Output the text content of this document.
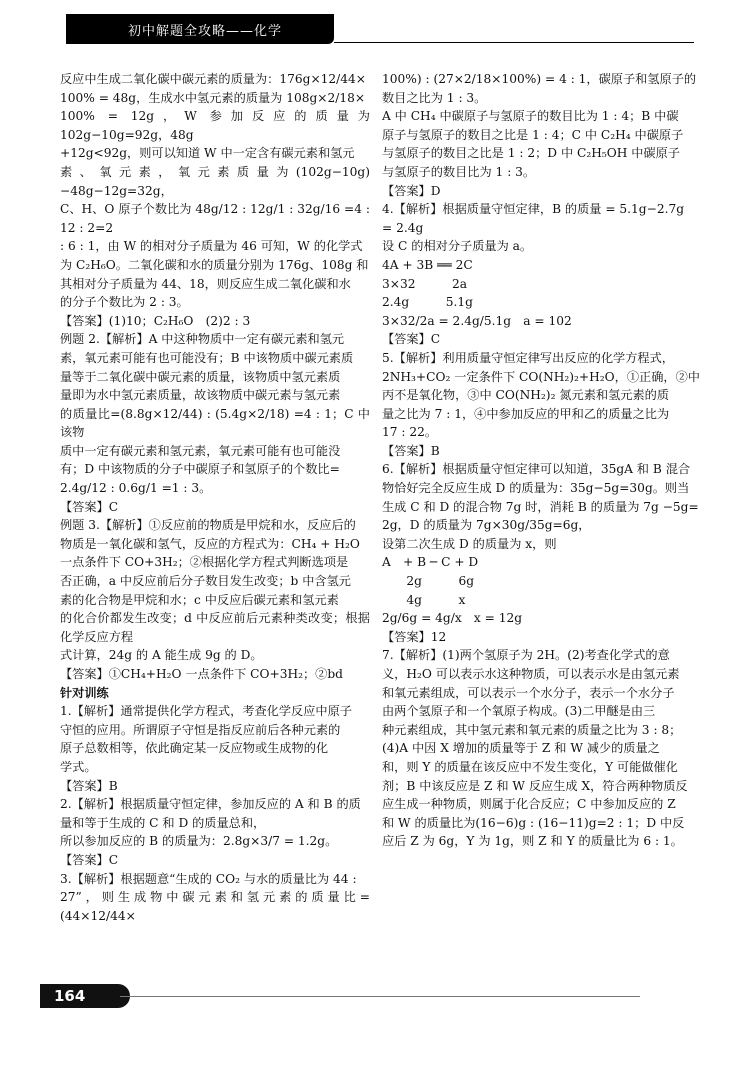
初中解题全攻略——化学

反应中生成二氧化碳中碳元素的质量为：176g×12/44×

100% = 48g，生成水中氢元素的质量为 108g×2/18×

100% = 12g，W 参加反应的质量为 102g−10g=92g，48g

+12g<92g，则可以知道 W 中一定含有碳元素和氢元

素、氧元素，氧元素质量为(102g−10g)−48g−12g=32g，

C、H、O 原子个数比为 48g/12 : 12g/1 : 32g/16 =4 : 12 : 2=2

: 6 : 1，由 W 的相对分子质量为 46 可知，W 的化学式

为 C₂H₆O。二氧化碳和水的质量分别为 176g、108g 和

其相对分子质量为 44、18，则反应生成二氧化碳和水

的分子个数比为 2 : 3。

【答案】(1)10；C₂H₆O　(2)2 : 3

例题 2.【解析】A 中这种物质中一定有碳元素和氢元

素，氧元素可能有也可能没有；B 中该物质中碳元素质

量等于二氧化碳中碳元素的质量，该物质中氢元素质

量即为水中氢元素质量，故该物质中碳元素与氢元素

的质量比=(8.8g×12/44) : (5.4g×2/18) =4 : 1；C 中该物

质中一定有碳元素和氢元素，氧元素可能有也可能没

有；D 中该物质的分子中碳原子和氢原子的个数比=

2.4g/12 : 0.6g/1 =1 : 3。

【答案】C

例题 3.【解析】①反应前的物质是甲烷和水，反应后的

物质是一氧化碳和氢气，反应的方程式为：CH₄ + H₂O

一点条件下 CO+3H₂；②根据化学方程式判断选项是

否正确，a 中反应前后分子数目发生改变；b 中含氢元

素的化合物是甲烷和水；c 中反应后碳元素和氢元素

的化合价都发生改变；d 中反应前后元素种类改变；根据化学反应方程

式计算，24g 的 A 能生成 9g 的 D。

【答案】①CH₄+H₂O 一点条件下 CO+3H₂；②bd

针对训练

1.【解析】通常提供化学方程式，考查化学反应中原子

守恒的应用。所谓原子守恒是指反应前后各种元素的

原子总数相等，依此确定某一反应物或生成物的化

学式。

【答案】B

2.【解析】根据质量守恒定律，参加反应的 A 和 B 的质

量和等于生成的 C 和 D 的质量总和，

所以参加反应的 B 的质量为：2.8g×3/7 = 1.2g。

【答案】C

3.【解析】根据题意“生成的 CO₂ 与水的质量比为 44 :

27”，则生成物中碳元素和氢元素的质量比=(44×12/44×

100%) : (27×2/18×100%) = 4 : 1，碳原子和氢原子的

数目之比为 1 : 3。

A 中 CH₄ 中碳原子与氢原子的数目比为 1 : 4；B 中碳

原子与氢原子的数目之比是 1 : 4；C 中 C₂H₄ 中碳原子

与氢原子的数目之比是 1 : 2；D 中 C₂H₅OH 中碳原子

与氢原子的数目比为 1 : 3。

【答案】D

4.【解析】根据质量守恒定律，B 的质量 = 5.1g−2.7g

= 2.4g

设 C 的相对分子质量为 a。

4A + 3B ══ 2C

3×32　　　2a

2.4g　　　5.1g

3×32/2a = 2.4g/5.1g　a = 102

【答案】C

5.【解析】利用质量守恒定律写出反应的化学方程式，

2NH₃+CO₂ 一定条件下 CO(NH₂)₂+H₂O，①正确，②中

丙不是氧化物，③中 CO(NH₂)₂ 氮元素和氢元素的质

量之比为 7 : 1，④中参加反应的甲和乙的质量之比为

17 : 22。

【答案】B

6.【解析】根据质量守恒定律可以知道，35gA 和 B 混合

物恰好完全反应生成 D 的质量为：35g−5g=30g。则当

生成 C 和 D 的混合物 7g 时，消耗 B 的质量为 7g −5g=

2g，D 的质量为 7g×30g/35g=6g，

设第二次生成 D 的质量为 x，则

A　+ B ─ C + D

　　2g　　　6g

　　4g　　　x

2g/6g = 4g/x　x = 12g

【答案】12

7.【解析】(1)两个氢原子为 2H。(2)考查化学式的意

义，H₂O 可以表示水这种物质，可以表示水是由氢元素

和氧元素组成，可以表示一个水分子，表示一个水分子

由两个氢原子和一个氧原子构成。(3)二甲醚是由三

种元素组成，其中氢元素和氧元素的质量之比为 3 : 8；

(4)A 中因 X 增加的质量等于 Z 和 W 减少的质量之

和，则 Y 的质量在该反应中不发生变化，Y 可能做催化

剂；B 中该反应是 Z 和 W 反应生成 X，符合两种物质反

应生成一种物质，则属于化合反应；C 中参加反应的 Z

和 W 的质量比为(16−6)g : (16−11)g=2 : 1；D 中反

应后 Z 为 6g，Y 为 1g，则 Z 和 Y 的质量比为 6 : 1。

164
